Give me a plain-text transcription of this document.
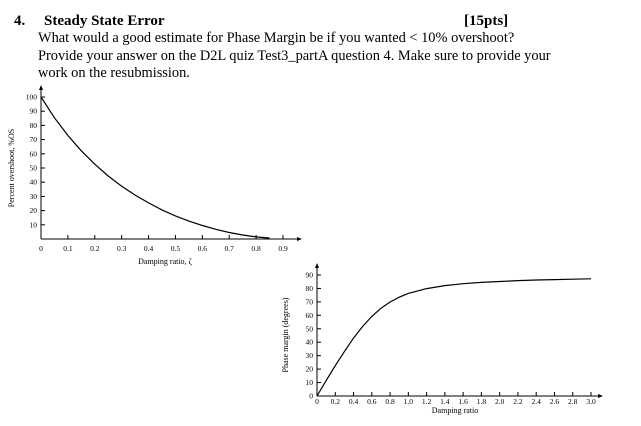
4. Steady State Error	[15pts]
What would a good estimate for Phase Margin be if you wanted < 10% overshoot?
Provide your answer on the D2L quiz Test3_partA question 4. Make sure to provide your
work on the resubmission.
0	0.1 0.2 0.3 0.4 0.5 0.6 0.7 0.8 0.9
10
20
30
40
50
60
70
80
90
100
Damping ratio, ζ
Percent overshoot, %OS
0 0.2 0.4 0.6 0.8 1.0 1.2 1.4 1.6 1.8 2.0 2.2 2.4 2.6 2.8 3.0
0
10
20
30
40
50
60
70
80
90
Damping ratio
Phase margin (degrees)
